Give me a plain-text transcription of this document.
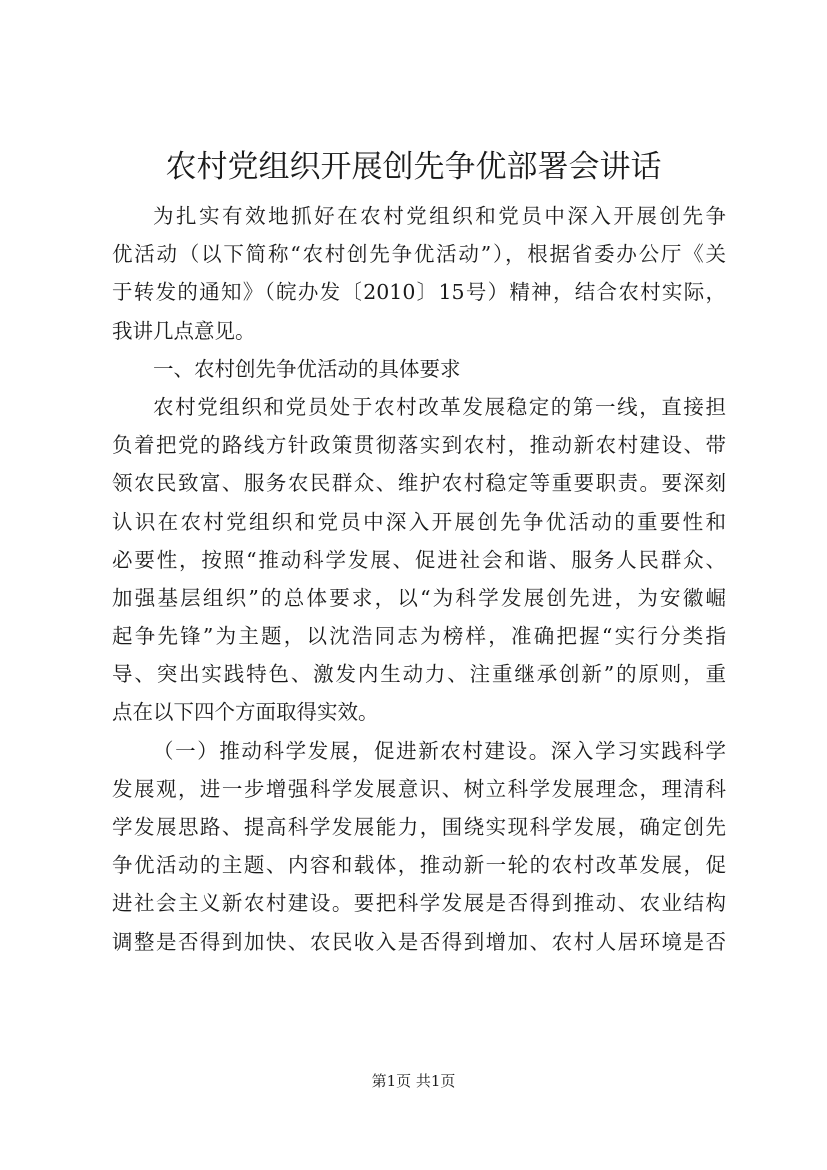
农村党组织开展创先争优部署会讲话
为扎实有效地抓好在农村党组织和党员中深入开展创先争
优活动（以下简称“农村创先争优活动”），根据省委办公厅《关
于转发的通知》（皖办发〔2010〕15号）精神，结合农村实际，
我讲几点意见。
一、农村创先争优活动的具体要求
农村党组织和党员处于农村改革发展稳定的第一线，直接担
负着把党的路线方针政策贯彻落实到农村，推动新农村建设、带
领农民致富、服务农民群众、维护农村稳定等重要职责。要深刻
认识在农村党组织和党员中深入开展创先争优活动的重要性和
必要性，按照“推动科学发展、促进社会和谐、服务人民群众、
加强基层组织”的总体要求，以“为科学发展创先进，为安徽崛
起争先锋”为主题，以沈浩同志为榜样，准确把握“实行分类指
导、突出实践特色、激发内生动力、注重继承创新”的原则，重
点在以下四个方面取得实效。
（一）推动科学发展，促进新农村建设。深入学习实践科学
发展观，进一步增强科学发展意识、树立科学发展理念，理清科
学发展思路、提高科学发展能力，围绕实现科学发展，确定创先
争优活动的主题、内容和载体，推动新一轮的农村改革发展，促
进社会主义新农村建设。要把科学发展是否得到推动、农业结构
调整是否得到加快、农民收入是否得到增加、农村人居环境是否
第1页 共1页
